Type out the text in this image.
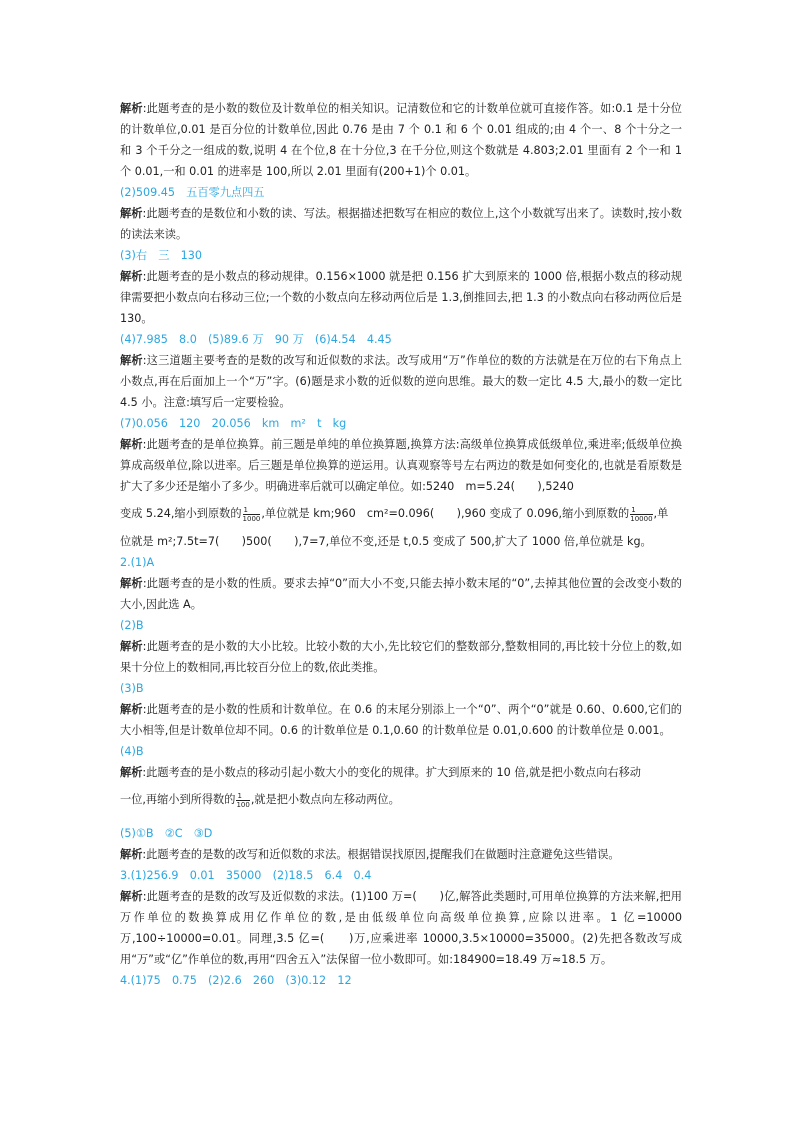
解析:此题考查的是小数的数位及计数单位的相关知识。记清数位和它的计数单位就可直接作答。如:0.1 是十分位的计数单位,0.01 是百分位的计数单位,因此 0.76 是由 7 个 0.1 和 6 个 0.01 组成的;由 4 个一、8 个十分之一和 3 个千分之一组成的数,说明 4 在个位,8 在十分位,3 在千分位,则这个数就是 4.803;2.01 里面有 2 个一和 1 个 0.01,一和 0.01 的进率是 100,所以 2.01 里面有(200+1)个 0.01。

(2)509.45　五百零九点四五

解析:此题考查的是数位和小数的读、写法。根据描述把数写在相应的数位上,这个小数就写出来了。读数时,按小数的读法来读。

(3)右　三　130

解析:此题考查的是小数点的移动规律。0.156×1000 就是把 0.156 扩大到原来的 1000 倍,根据小数点的移动规律需要把小数点向右移动三位;一个数的小数点向左移动两位后是 1.3,倒推回去,把 1.3 的小数点向右移动两位后是 130。

(4)7.985　8.0　(5)89.6 万　90 万　(6)4.54　4.45

解析:这三道题主要考查的是数的改写和近似数的求法。改写成用“万”作单位的数的方法就是在万位的右下角点上小数点,再在后面加上一个“万”字。(6)题是求小数的近似数的逆向思维。最大的数一定比 4.5 大,最小的数一定比 4.5 小。注意:填写后一定要检验。

(7)0.056　120　20.056　km　m²　t　kg

解析:此题考查的是单位换算。前三题是单纯的单位换算题,换算方法:高级单位换算成低级单位,乘进率;低级单位换算成高级单位,除以进率。后三题是单位换算的逆运用。认真观察等号左右两边的数是如何变化的,也就是看原数是扩大了多少还是缩小了多少。明确进率后就可以确定单位。如:5240　m=5.24(　　),5240

变成 5.24,缩小到原数的 $\frac{1}{1000}$ ,单位就是 km;960　cm²=0.096(　　),960 变成了 0.096,缩小到原数的 $\frac{1}{10000}$ ,单

位就是 m²;7.5t=7(　　)500(　　),7=7,单位不变,还是 t,0.5 变成了 500,扩大了 1000 倍,单位就是 kg。

2.(1)A

解析:此题考查的是小数的性质。要求去掉“0”而大小不变,只能去掉小数末尾的“0”,去掉其他位置的会改变小数的大小,因此选 A。

(2)B

解析:此题考查的是小数的大小比较。比较小数的大小,先比较它们的整数部分,整数相同的,再比较十分位上的数,如果十分位上的数相同,再比较百分位上的数,依此类推。

(3)B

解析:此题考查的是小数的性质和计数单位。在 0.6 的末尾分别添上一个“0”、两个“0”就是 0.60、0.600,它们的大小相等,但是计数单位却不同。0.6 的计数单位是 0.1,0.60 的计数单位是 0.01,0.600 的计数单位是 0.001。

(4)B

解析:此题考查的是小数点的移动引起小数大小的变化的规律。扩大到原来的 10 倍,就是把小数点向右移动

一位,再缩小到所得数的 $\frac{1}{100}$ ,就是把小数点向左移动两位。

(5)①B　②C　③D

解析:此题考查的是数的改写和近似数的求法。根据错误找原因,提醒我们在做题时注意避免这些错误。

3.(1)256.9　0.01　35000　(2)18.5　6.4　0.4

解析:此题考查的是数的改写及近似数的求法。(1)100 万=(　　)亿,解答此类题时,可用单位换算的方法来解,把用万作单位的数换算成用亿作单位的数,是由低级单位向高级单位换算,应除以进率。1 亿=10000 万,100÷10000=0.01。同理,3.5 亿=(　　)万,应乘进率 10000,3.5×10000=35000。(2)先把各数改写成用“万”或“亿”作单位的数,再用“四舍五入”法保留一位小数即可。如:184900=18.49 万≈18.5 万。

4.(1)75　0.75　(2)2.6　260　(3)0.12　12
